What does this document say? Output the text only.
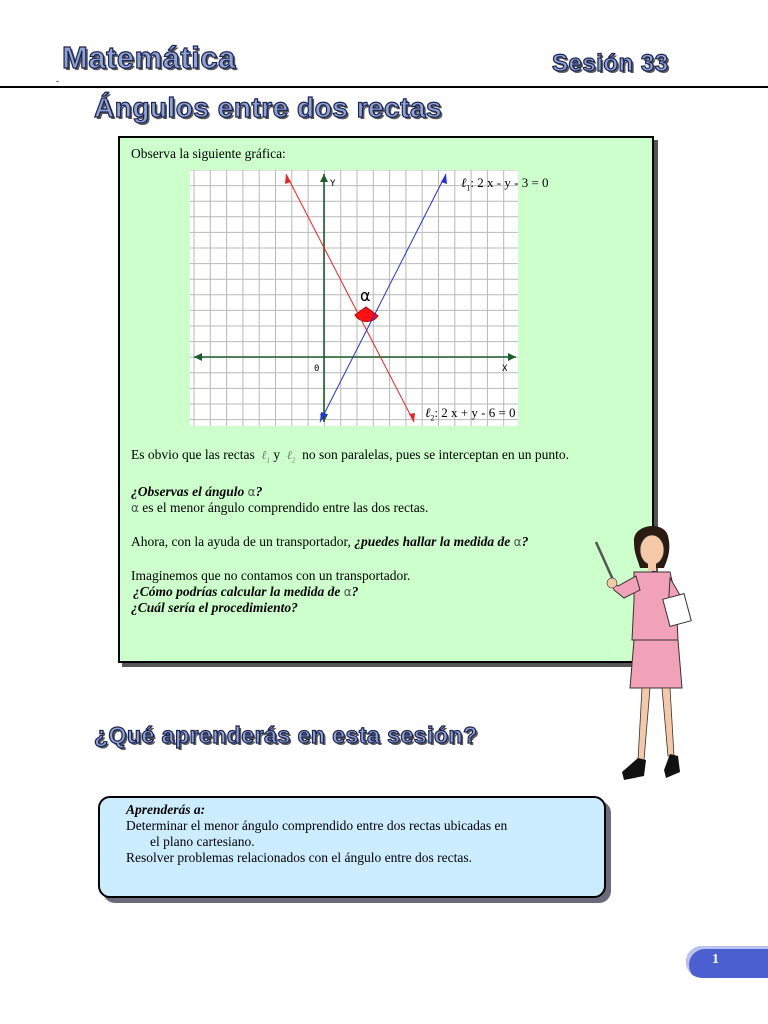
Matemática	Sesión 33
-
Ángulos entre dos rectas
Observa la siguiente gráfica:
Es obvio que las rectas ℓ$_1$ y ℓ$_2$ no son paralelas, pues se interceptan en un punto.
¿Observas el ángulo α?
α es el menor ángulo comprendido entre las dos rectas.
Ahora, con la ayuda de un transportador, ¿puedes hallar la medida de α?
Imaginemos que no contamos con un transportador.
¿Cómo podrías calcular la medida de α?
¿Cuál sería el procedimiento?
Y
X
0
α
ℓ$_1$: 2 x - y - 3 = 0
ℓ$_2$: 2 x + y - 6 = 0
¿Qué aprenderás en esta sesión?
Aprenderás a:
Determinar el menor ángulo comprendido entre dos rectas ubicadas en
el plano cartesiano.
Resolver problemas relacionados con el ángulo entre dos rectas.
1
